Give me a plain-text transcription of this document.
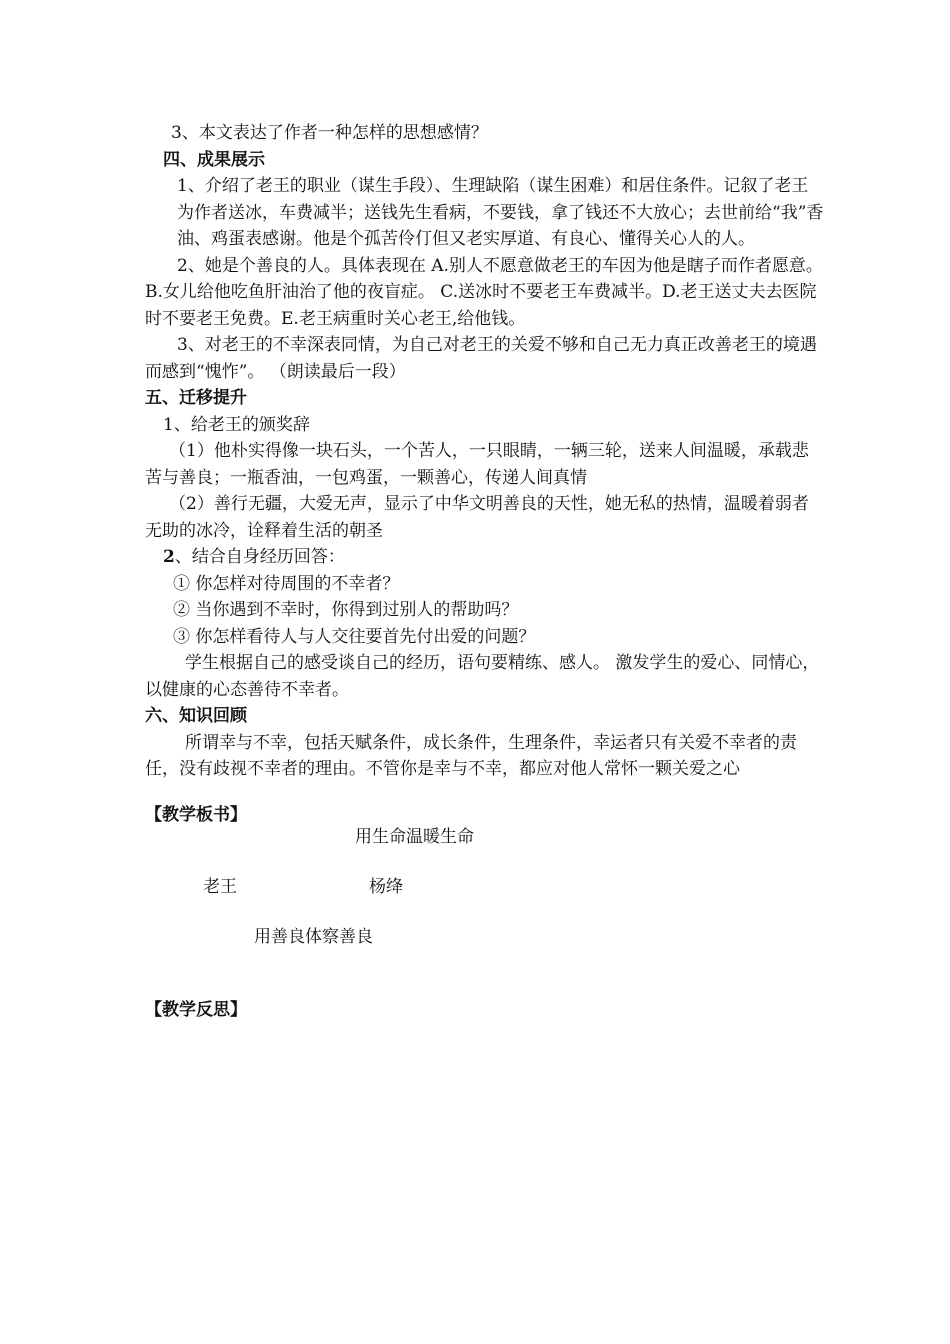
3、本文表达了作者一种怎样的思想感情？

四、成果展示

1、介绍了老王的职业（谋生手段）、生理缺陷（谋生困难）和居住条件。记叙了老王为作者送冰，车费减半；送钱先生看病，不要钱，拿了钱还不大放心；去世前给“我”香油、鸡蛋表感谢。他是个孤苦伶仃但又老实厚道、有良心、懂得关心人的人。

2、她是个善良的人。具体表现在 A.别人不愿意做老王的车因为他是瞎子而作者愿意。B.女儿给他吃鱼肝油治了他的夜盲症。 C.送冰时不要老王车费减半。D.老王送丈夫去医院时不要老王免费。E.老王病重时关心老王,给他钱。

3、对老王的不幸深表同情，为自己对老王的关爱不够和自己无力真正改善老王的境遇而感到“愧怍”。 （朗读最后一段）

五、迁移提升

1、给老王的颁奖辞

（1）他朴实得像一块石头，一个苦人，一只眼睛，一辆三轮，送来人间温暖，承载悲苦与善良；一瓶香油，一包鸡蛋，一颗善心，传递人间真情

（2）善行无疆，大爱无声，显示了中华文明善良的天性，她无私的热情，温暖着弱者无助的冰冷，诠释着生活的朝圣

2、结合自身经历回答：

① 你怎样对待周围的不幸者？

② 当你遇到不幸时，你得到过别人的帮助吗？

③ 你怎样看待人与人交往要首先付出爱的问题？

学生根据自己的感受谈自己的经历，语句要精练、感人。 激发学生的爱心、同情心， 以健康的心态善待不幸者。

六、知识回顾

所谓幸与不幸，包括天赋条件，成长条件，生理条件，幸运者只有关爱不幸者的责任，没有歧视不幸者的理由。不管你是幸与不幸，都应对他人常怀一颗关爱之心

【教学板书】
用生命温暖生命
老王	杨绛
用善良体察善良
【教学反思】
